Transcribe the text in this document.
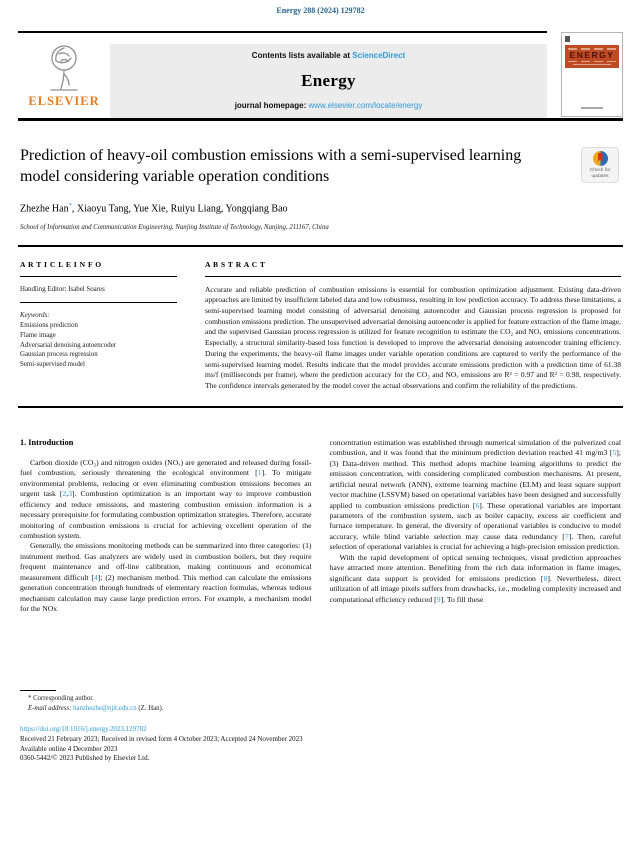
Energy 288 (2024) 129782
ELSEVIER
Contents lists available at ScienceDirect
Energy
journal homepage: www.elsevier.com/locate/energy
ENERGY
Prediction of heavy-oil combustion emissions with a semi-supervised learning model considering variable operation conditions	Check for
updates
Zhezhe Han*, Xiaoyu Tang, Yue Xie, Ruiyu Liang, Yongqiang Bao
School of Information and Communication Engineering, Nanjing Institute of Technology, Nanjing, 211167, China
A R T I C L E I N F O
Handling Editor: Isabel Soares
Keywords:
Emissions prediction
Flame image
Adversarial denoising autoencoder
Gaussian process regression
Semi-supervised model
A B S T R A C T
Accurate and reliable prediction of combustion emissions is essential for combustion optimization adjustment. Existing data-driven approaches are limited by insufficient labeled data and low robustness, resulting in low prediction accuracy. To address these limitations, a semi-supervised learning model consisting of adversarial denoising autoencoder and Gaussian process regression is proposed for combustion emissions prediction. The unsupervised adversarial denoising autoencoder is applied for feature extraction of the flame image, and the supervised Gaussian process regression is utilized for feature recognition to estimate the CO₂ and NOₓ emissions concentrations. Especially, a structural similarity-based loss function is developed to improve the adversarial denoising autoencoder training efficiency. During the experiments, the heavy-oil flame images under variable operation conditions are captured to verify the performance of the semi-supervised learning model. Results indicate that the model provides accurate emissions prediction with a prediction time of 61.38 ms/f (milliseconds per frame), where the prediction accuracy for the CO₂ and NOₓ emissions are R² = 0.97 and R² = 0.98, respectively. The confidence intervals generated by the model cover the actual observations and confirm the reliability of the predictions.
1. Introduction
Carbon dioxide (CO₂) and nitrogen oxides (NOₓ) are generated and released during fossil-fuel combustion, seriously threatening the ecological environment [1]. To mitigate environmental problems, reducing or even eliminating combustion emissions becomes an urgent task [2,3]. Combustion optimization is an important way to improve combustion efficiency and reduce emissions, and mastering combustion emission information is a necessary prerequisite for formulating combustion optimization strategies. Therefore, accurate monitoring of combustion emissions is crucial for achieving excellent operation of the combustion system.
Generally, the emissions monitoring methods can be summarized into three categories: (1) instrument method. Gas analyzers are widely used in combustion boilers, but they require frequent maintenance and off-line calibration, making continuous and economical measurement difficult [4]; (2) mechanism method. This method can calculate the emissions generation concentration through hundreds of elementary reaction formulas, whereas tedious mechanism calculation may cause large prediction errors. For example, a mechanism model for the NOx
concentration estimation was established through numerical simulation of the pulverized coal combustion, and it was found that the minimum prediction deviation reached 41 mg/m3 [5]; (3) Data-driven method. This method adopts machine learning algorithms to predict the emission concentration, with considering complicated combustion mechanisms. At present, artificial neural network (ANN), extreme learning machine (ELM) and least square support vector machine (LSSVM) based on operational variables have been designed and successfully applied to combustion emissions prediction [6]. These operational variables are important parameters of the combustion system, such as boiler capacity, excess air coefficient and furnace temperature. In general, the diversity of operational variables is conducive to model accuracy, while blind variable selection may cause data redundancy [7]. Then, careful selection of operational variables is crucial for achieving a high-precision emission prediction.
With the rapid development of optical sensing techniques, visual prediction approaches have attracted more attention. Benefiting from the rich data information in flame images, significant data support is provided for emissions prediction [8]. Nevertheless, direct utilization of all image pixels suffers from drawbacks, i.e., modeling complexity increased and computational efficiency reduced [9]. To fill these
* Corresponding author.
E-mail address: hanzhezhe@njit.edu.cn (Z. Han).
https://doi.org/10.1016/j.energy.2023.129782
Received 21 February 2023; Received in revised form 4 October 2023; Accepted 24 November 2023
Available online 4 December 2023
0360-5442/© 2023 Published by Elsevier Ltd.
